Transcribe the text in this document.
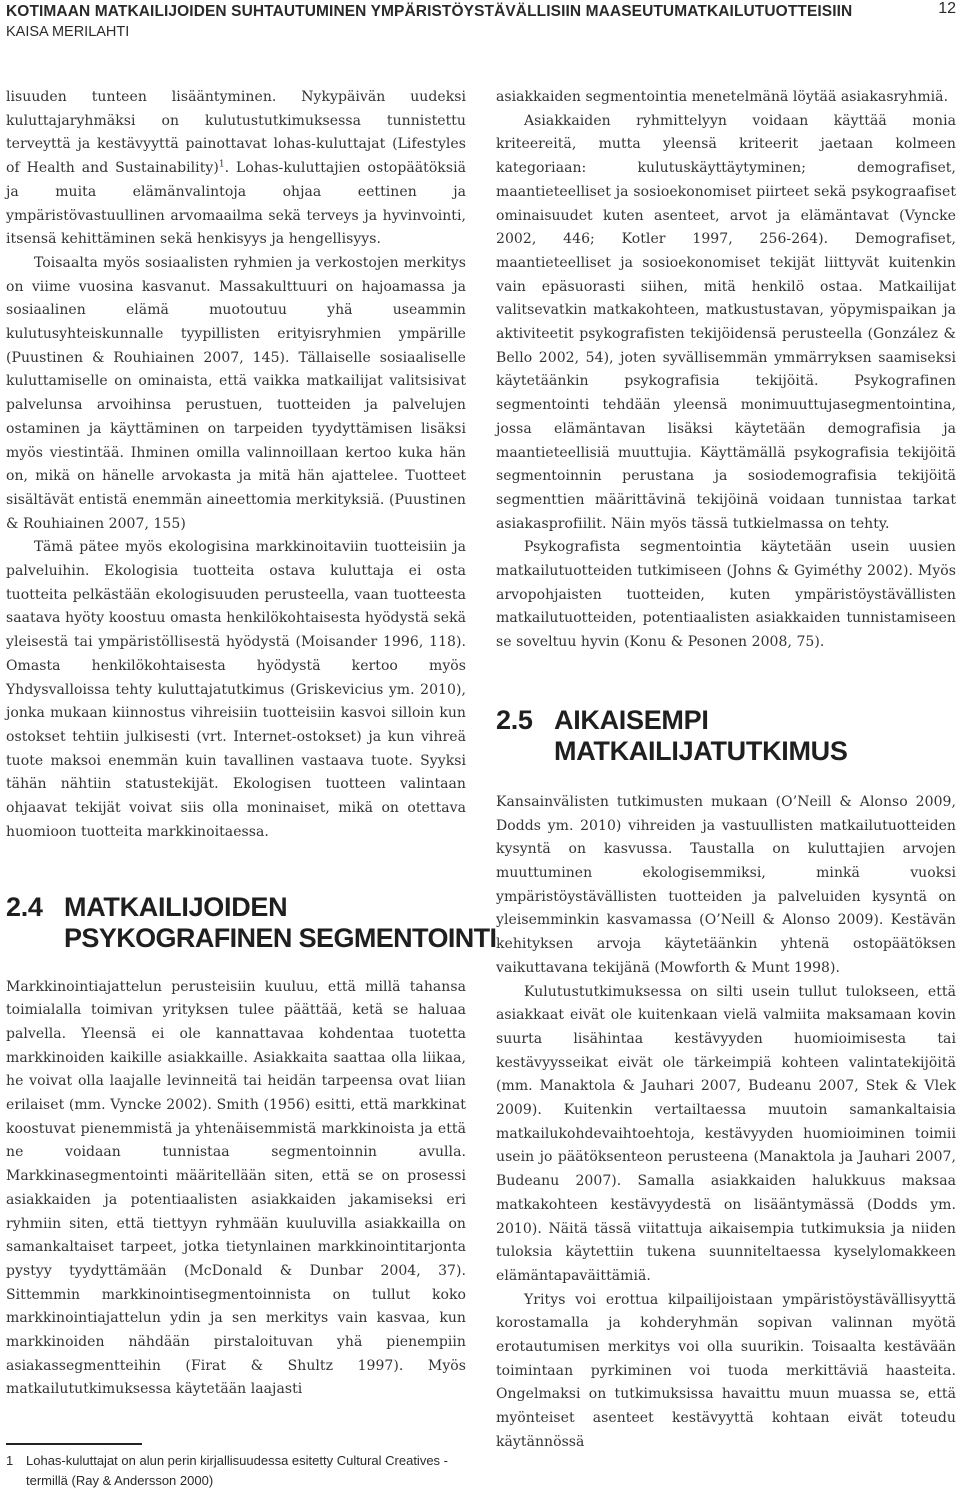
KOTIMAAN MATKAILIJOIDEN SUHTAUTUMINEN YMPÄRISTÖYSTÄVÄLLISIIN MAASEUTUMATKAILUTUOTTEISIIN
KAISA MERILAHTI
12

lisuuden tunteen lisääntyminen. Nykypäivän uudeksi kuluttajaryhmäksi on kulutustutkimuksessa tunnistettu terveyttä ja kestävyyttä painottavat lohas-kuluttajat (Lifestyles of Health and Sustainability)$^1$. Lohas-kuluttajien ostopäätöksiä ja muita elämänvalintoja ohjaa eettinen ja ympäristövastuullinen arvomaailma sekä terveys ja hyvinvointi, itsensä kehittäminen sekä henkisyys ja hengellisyys.

Toisaalta myös sosiaalisten ryhmien ja verkostojen merkitys on viime vuosina kasvanut. Massakulttuuri on hajoamassa ja sosiaalinen elämä muotoutuu yhä useammin kulutusyhteiskunnalle tyypillisten erityisryhmien ympärille (Puustinen & Rouhiainen 2007, 145). Tällaiselle sosiaaliselle kuluttamiselle on ominaista, että vaikka matkailijat valitsisivat palvelunsa arvoihinsa perustuen, tuotteiden ja palvelujen ostaminen ja käyttäminen on tarpeiden tyydyttämisen lisäksi myös viestintää. Ihminen omilla valinnoillaan kertoo kuka hän on, mikä on hänelle arvokasta ja mitä hän ajattelee. Tuotteet sisältävät entistä enemmän aineettomia merkityksiä. (Puustinen & Rouhiainen 2007, 155)

Tämä pätee myös ekologisina markkinoitaviin tuotteisiin ja palveluihin. Ekologisia tuotteita ostava kuluttaja ei osta tuotteita pelkästään ekologisuuden perusteella, vaan tuotteesta saatava hyöty koostuu omasta henkilökohtaisesta hyödystä sekä yleisestä tai ympäristöllisestä hyödystä (Moisander 1996, 118). Omasta henkilökohtaisesta hyödystä kertoo myös Yhdysvalloissa tehty kuluttajatutkimus (Griskevicius ym. 2010), jonka mukaan kiinnostus vihreisiin tuotteisiin kasvoi silloin kun ostokset tehtiin julkisesti (vrt. Internet-ostokset) ja kun vihreä tuote maksoi enemmän kuin tavallinen vastaava tuote. Syyksi tähän nähtiin statustekijät. Ekologisen tuotteen valintaan ohjaavat tekijät voivat siis olla moninaiset, mikä on otettava huomioon tuotteita markkinoitaessa.

2.4 MATKAILIJOIDEN
PSYKOGRAFINEN SEGMENTOINTI

Markkinointiajattelun perusteisiin kuuluu, että millä tahansa toimialalla toimivan yrityksen tulee päättää, ketä se haluaa palvella. Yleensä ei ole kannattavaa kohdentaa tuotetta markkinoiden kaikille asiakkaille. Asiakkaita saattaa olla liikaa, he voivat olla laajalle levinneitä tai heidän tarpeensa ovat liian erilaiset (mm. Vyncke 2002). Smith (1956) esitti, että markkinat koostuvat pienemmistä ja yhtenäisemmistä markkinoista ja että ne voidaan tunnistaa segmentoinnin avulla. Markkinasegmentointi määritellään siten, että se on prosessi asiakkaiden ja potentiaalisten asiakkaiden jakamiseksi eri ryhmiin siten, että tiettyyn ryhmään kuuluvilla asiakkailla on samankaltaiset tarpeet, jotka tietynlainen markkinointitarjonta pystyy tyydyttämään (McDonald & Dunbar 2004, 37). Sittemmin markkinointisegmentoinnista on tullut koko markkinointiajattelun ydin ja sen merkitys vain kasvaa, kun markkinoiden nähdään pirstaloituvan yhä pienempiin asiakassegmentteihin (Firat & Shultz 1997). Myös matkailututkimuksessa käytetään laajasti

asiakkaiden segmentointia menetelmänä löytää asiakasryhmiä.

Asiakkaiden ryhmittelyyn voidaan käyttää monia kriteereitä, mutta yleensä kriteerit jaetaan kolmeen kategoriaan: kulutuskäyttäytyminen; demografiset, maantieteelliset ja sosioekonomiset piirteet sekä psykograafiset ominaisuudet kuten asenteet, arvot ja elämäntavat (Vyncke 2002, 446; Kotler 1997, 256-264). Demografiset, maantieteelliset ja sosioekonomiset tekijät liittyvät kuitenkin vain epäsuorasti siihen, mitä henkilö ostaa. Matkailijat valitsevatkin matkakohteen, matkustustavan, yöpymispaikan ja aktiviteetit psykografisten tekijöidensä perusteella (González & Bello 2002, 54), joten syvällisemmän ymmärryksen saamiseksi käytetäänkin psykografisia tekijöitä. Psykografinen segmentointi tehdään yleensä monimuuttujasegmentointina, jossa elämäntavan lisäksi käytetään demografisia ja maantieteellisiä muuttujia. Käyttämällä psykografisia tekijöitä segmentoinnin perustana ja sosiodemografisia tekijöitä segmenttien määrittävinä tekijöinä voidaan tunnistaa tarkat asiakasprofiilit. Näin myös tässä tutkielmassa on tehty.

Psykografista segmentointia käytetään usein uusien matkailutuotteiden tutkimiseen (Johns & Gyiméthy 2002). Myös arvopohjaisten tuotteiden, kuten ympäristöystävällisten matkailutuotteiden, potentiaalisten asiakkaiden tunnistamiseen se soveltuu hyvin (Konu & Pesonen 2008, 75).

2.5 AIKAISEMPI
MATKAILIJATUTKIMUS

Kansainvälisten tutkimusten mukaan (O’Neill & Alonso 2009, Dodds ym. 2010) vihreiden ja vastuullisten matkailutuotteiden kysyntä on kasvussa. Taustalla on kuluttajien arvojen muuttuminen ekologisemmiksi, minkä vuoksi ympäristöystävällisten tuotteiden ja palveluiden kysyntä on yleisemminkin kasvamassa (O’Neill & Alonso 2009). Kestävän kehityksen arvoja käytetäänkin yhtenä ostopäätöksen vaikuttavana tekijänä (Mowforth & Munt 1998).

Kulutustutkimuksessa on silti usein tullut tulokseen, että asiakkaat eivät ole kuitenkaan vielä valmiita maksamaan kovin suurta lisähintaa kestävyyden huomioimisesta tai kestävyysseikat eivät ole tärkeimpiä kohteen valintatekijöitä (mm. Manaktola & Jauhari 2007, Budeanu 2007, Stek & Vlek 2009). Kuitenkin vertailtaessa muutoin samankaltaisia matkailukohdevaihtoehtoja, kestävyyden huomioiminen toimii usein jo päätöksenteon perusteena (Manaktola ja Jauhari 2007, Budeanu 2007). Samalla asiakkaiden halukkuus maksaa matkakohteen kestävyydestä on lisääntymässä (Dodds ym. 2010). Näitä tässä viitattuja aikaisempia tutkimuksia ja niiden tuloksia käytettiin tukena suunniteltaessa kyselylomakkeen elämäntapaväittämiä.

Yritys voi erottua kilpailijoistaan ympäristöystävällisyyttä korostamalla ja kohderyhmän sopivan valinnan myötä erotautumisen merkitys voi olla suurikin. Toisaalta kestävään toimintaan pyrkiminen voi tuoda merkittäviä haasteita. Ongelmaksi on tutkimuksissa havaittu muun muassa se, että myönteiset asenteet kestävyyttä kohtaan eivät toteudu käytännössä

1 Lohas-kuluttajat on alun perin kirjallisuudessa esitetty Cultural Creatives -termillä (Ray & Andersson 2000)
